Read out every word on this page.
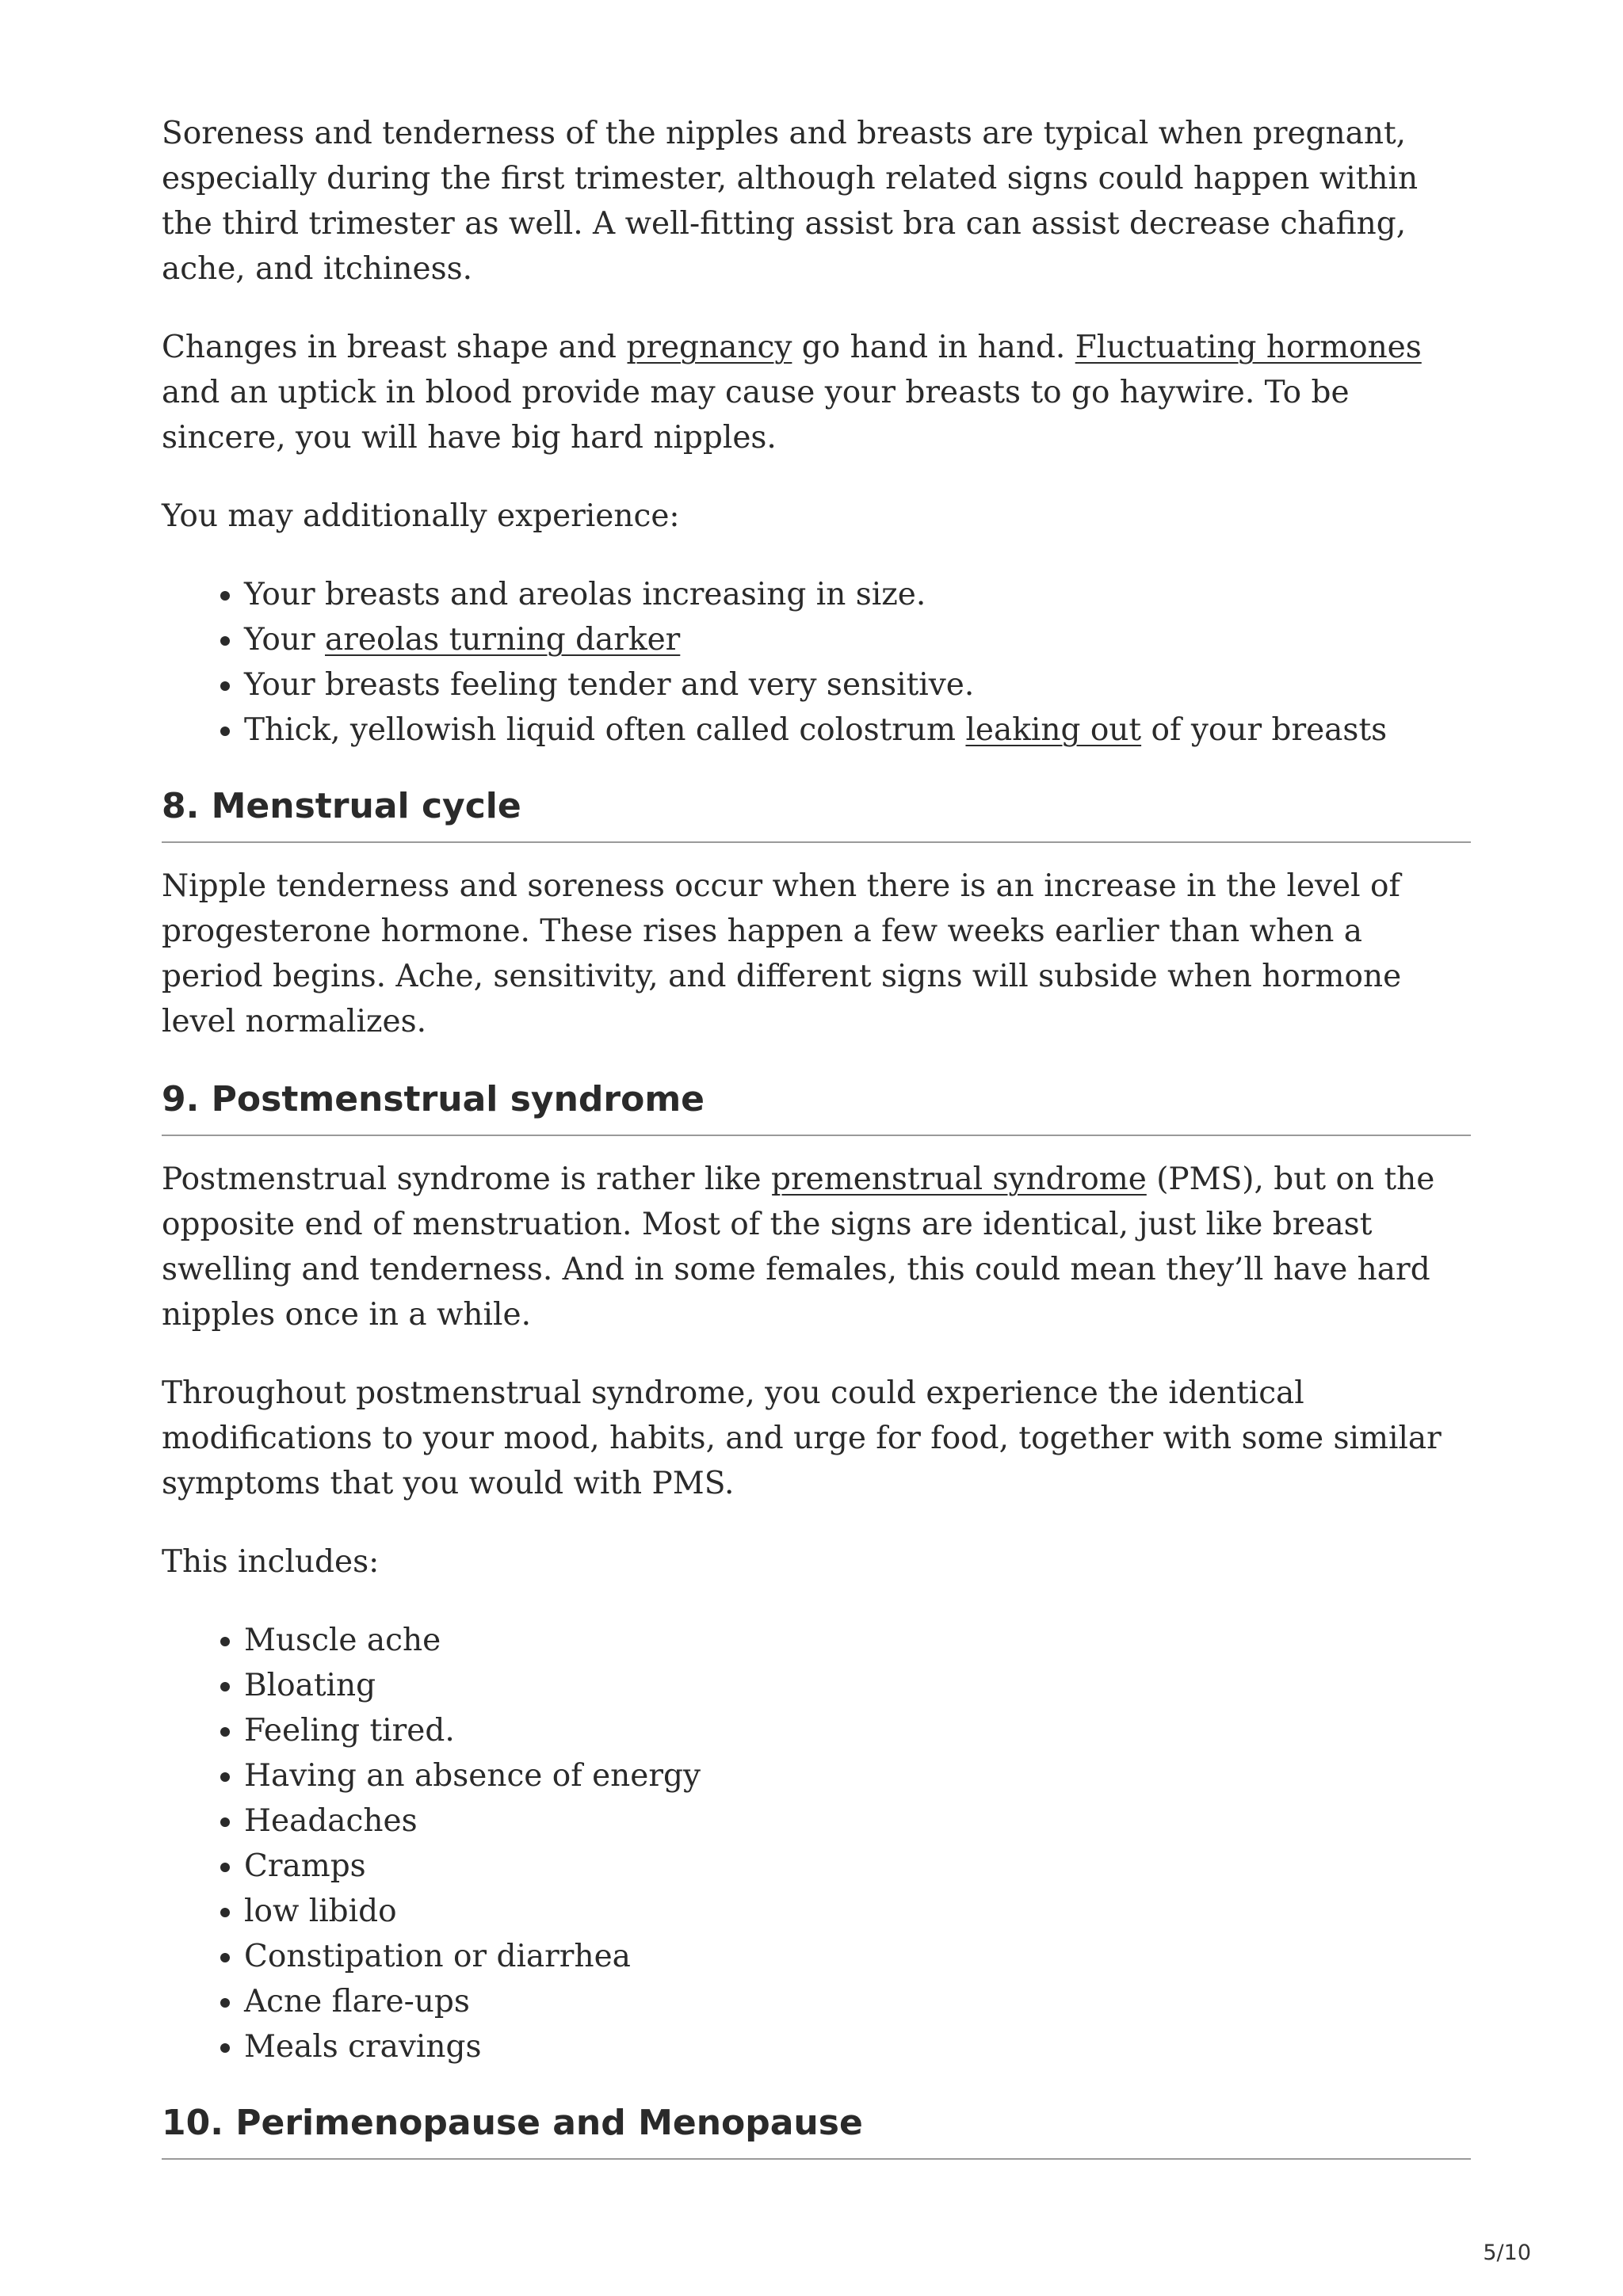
Soreness and tenderness of the nipples and breasts are typical when pregnant, especially during the first trimester, although related signs could happen within the third trimester as well. A well-fitting assist bra can assist decrease chafing, ache, and itchiness.

Changes in breast shape and pregnancy go hand in hand. Fluctuating hormones and an uptick in blood provide may cause your breasts to go haywire. To be sincere, you will have big hard nipples.

You may additionally experience:

• Your breasts and areolas increasing in size.
• Your areolas turning darker
• Your breasts feeling tender and very sensitive.
• Thick, yellowish liquid often called colostrum leaking out of your breasts
8. Menstrual cycle

Nipple tenderness and soreness occur when there is an increase in the level of progesterone hormone. These rises happen a few weeks earlier than when a period begins. Ache, sensitivity, and different signs will subside when hormone level normalizes.

9. Postmenstrual syndrome

Postmenstrual syndrome is rather like premenstrual syndrome (PMS), but on the opposite end of menstruation. Most of the signs are identical, just like breast swelling and tenderness. And in some females, this could mean they’ll have hard nipples once in a while.

Throughout postmenstrual syndrome, you could experience the identical modifications to your mood, habits, and urge for food, together with some similar symptoms that you would with PMS.

This includes:

• Muscle ache
• Bloating
• Feeling tired.
• Having an absence of energy
• Headaches
• Cramps
• low libido
• Constipation or diarrhea
• Acne flare-ups
• Meals cravings
10. Perimenopause and Menopause
5/10
